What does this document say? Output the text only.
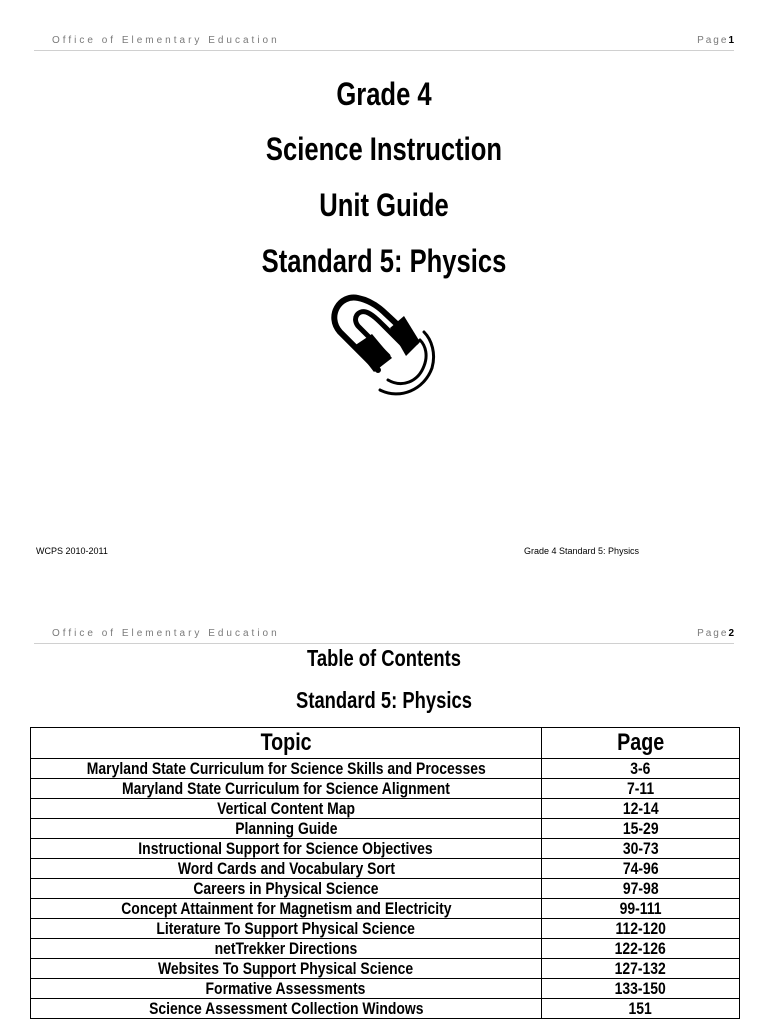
Office of Elementary Education	Page1
Grade 4
Science Instruction
Unit Guide
Standard 5: Physics
WCPS 2010-2011	Grade 4 Standard 5: Physics
Office of Elementary Education	Page2
Table of Contents
Standard 5: Physics
Topic	Page
Maryland State Curriculum for Science Skills and Processes	3-6
Maryland State Curriculum for Science Alignment	7-11
Vertical Content Map	12-14
Planning Guide	15-29
Instructional Support for Science Objectives	30-73
Word Cards and Vocabulary Sort	74-96
Careers in Physical Science	97-98
Concept Attainment for Magnetism and Electricity	99-111
Literature To Support Physical Science	112-120
netTrekker Directions	122-126
Websites To Support Physical Science	127-132
Formative Assessments	133-150
Science Assessment Collection Windows	151
